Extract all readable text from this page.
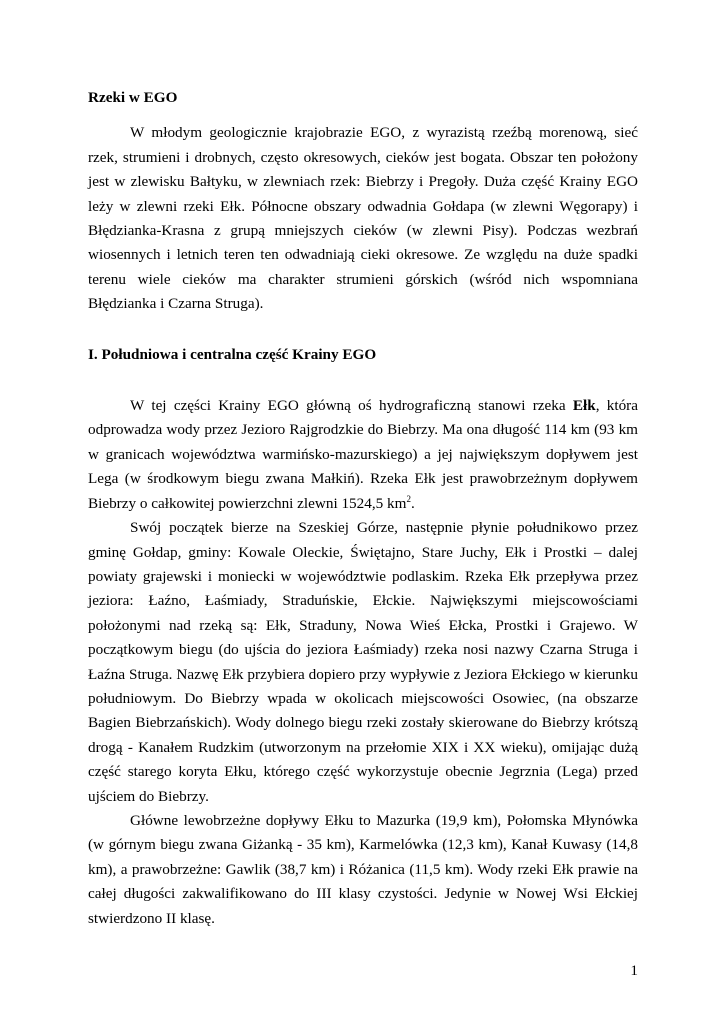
Rzeki w EGO

W młodym geologicznie krajobrazie EGO, z wyrazistą rzeźbą morenową, sieć rzek, strumieni i drobnych, często okresowych, cieków jest bogata. Obszar ten położony jest w zlewisku Bałtyku, w zlewniach rzek: Biebrzy i Pregoły. Duża część Krainy EGO leży w zlewni rzeki Ełk. Północne obszary odwadnia Gołdapa (w zlewni Węgorapy) i Błędzianka-Krasna z grupą mniejszych cieków (w zlewni Pisy). Podczas wezbrań wiosennych i letnich teren ten odwadniają cieki okresowe. Ze względu na duże spadki terenu wiele cieków ma charakter strumieni górskich (wśród nich wspomniana Błędzianka i Czarna Struga).

I. Południowa i centralna część Krainy EGO

W tej części Krainy EGO główną oś hydrograficzną stanowi rzeka Ełk, która odprowadza wody przez Jezioro Rajgrodzkie do Biebrzy. Ma ona długość 114 km (93 km w granicach województwa warmińsko-mazurskiego) a jej największym dopływem jest Lega (w środkowym biegu zwana Małkiń). Rzeka Ełk jest prawobrzeżnym dopływem Biebrzy o całkowitej powierzchni zlewni 1524,5 $km^2$.

Swój początek bierze na Szeskiej Górze, następnie płynie południkowo przez gminę Gołdap, gminy: Kowale Oleckie, Świętajno, Stare Juchy, Ełk i Prostki – dalej powiaty grajewski i moniecki w województwie podlaskim. Rzeka Ełk przepływa przez jeziora: Łaźno, Łaśmiady, Straduńskie, Ełckie. Największymi miejscowościami położonymi nad rzeką są: Ełk, Straduny, Nowa Wieś Ełcka, Prostki i Grajewo. W początkowym biegu (do ujścia do jeziora Łaśmiady) rzeka nosi nazwy Czarna Struga i Łaźna Struga. Nazwę Ełk przybiera dopiero przy wypływie z Jeziora Ełckiego w kierunku południowym. Do Biebrzy wpada w okolicach miejscowości Osowiec, (na obszarze Bagien Biebrzańskich). Wody dolnego biegu rzeki zostały skierowane do Biebrzy krótszą drogą - Kanałem Rudzkim (utworzonym na przełomie XIX i XX wieku), omijając dużą część starego koryta Ełku, którego część wykorzystuje obecnie Jegrznia (Lega) przed ujściem do Biebrzy.

Główne lewobrzeżne dopływy Ełku to Mazurka (19,9 km), Połomska Młynówka (w górnym biegu zwana Giżanką - 35 km), Karmelówka (12,3 km), Kanał Kuwasy (14,8 km), a prawobrzeżne: Gawlik (38,7 km) i Różanica (11,5 km). Wody rzeki Ełk prawie na całej długości zakwalifikowano do III klasy czystości. Jedynie w Nowej Wsi Ełckiej stwierdzono II klasę.

1
